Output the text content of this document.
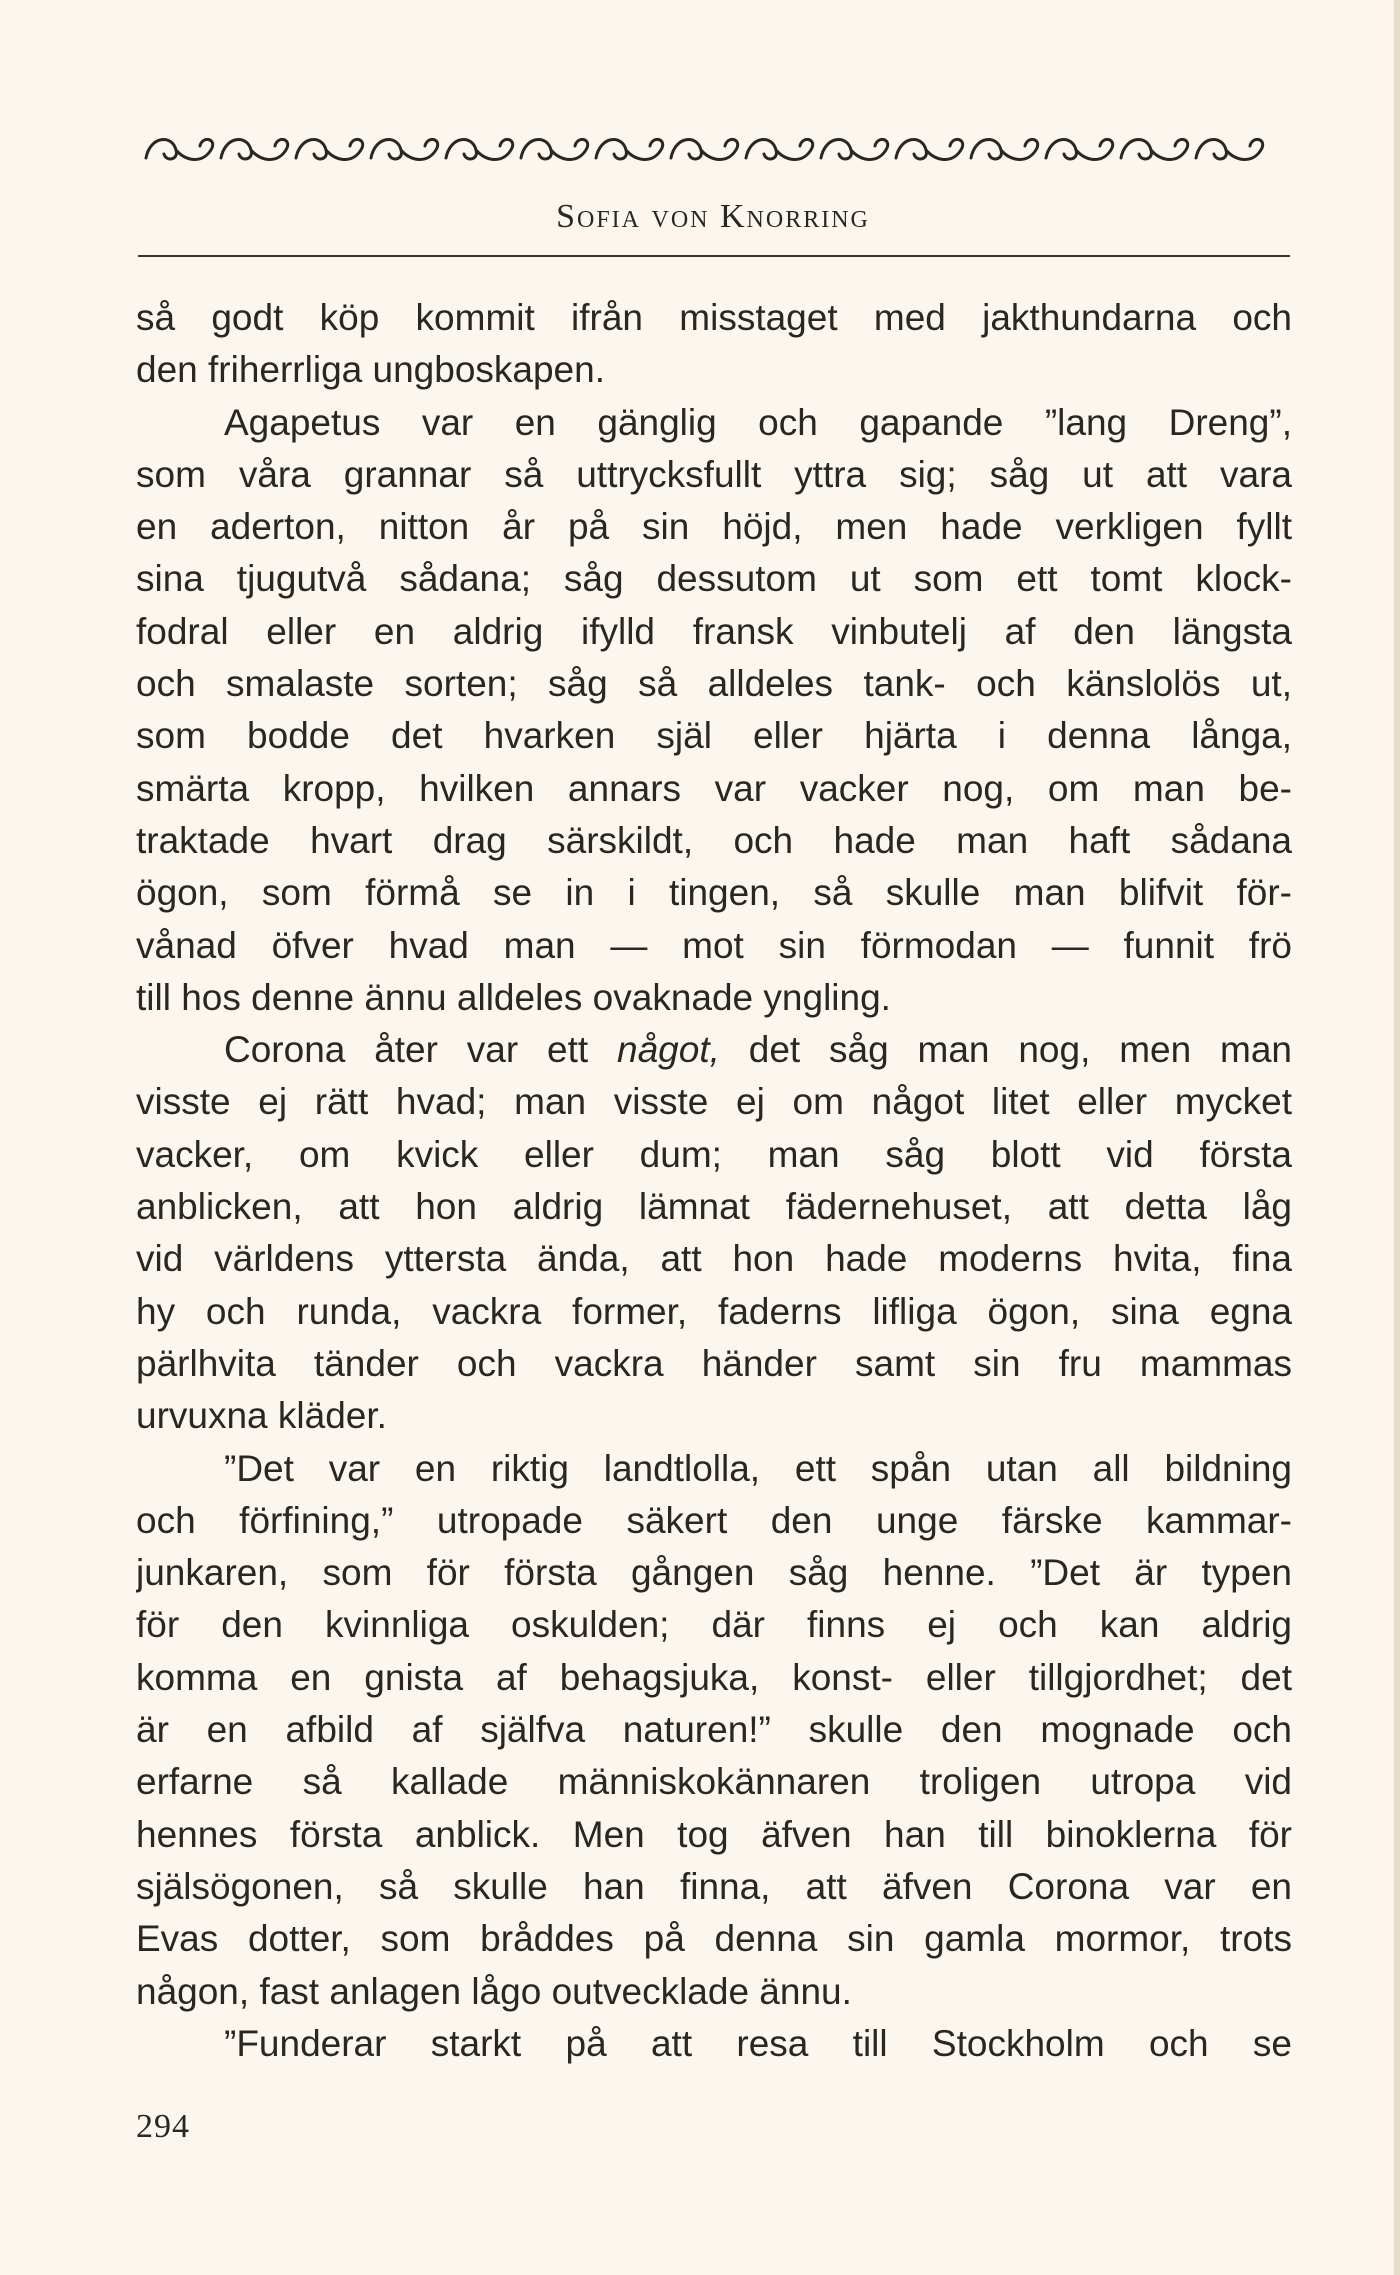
Sofia von Knorring
så godt köp kommit ifrån misstaget med jakthundarna och
den friherrliga ungboskapen.
Agapetus var en gänglig och gapande ”lang Dreng”,
som våra grannar så uttrycksfullt yttra sig; såg ut att vara
en aderton, nitton år på sin höjd, men hade verkligen fyllt
sina tjugutvå sådana; såg dessutom ut som ett tomt klock-
fodral eller en aldrig ifylld fransk vinbutelj af den längsta
och smalaste sorten; såg så alldeles tank- och känslolös ut,
som bodde det hvarken själ eller hjärta i denna långa,
smärta kropp, hvilken annars var vacker nog, om man be-
traktade hvart drag särskildt, och hade man haft sådana
ögon, som förmå se in i tingen, så skulle man blifvit för-
vånad öfver hvad man — mot sin förmodan — funnit frö
till hos denne ännu alldeles ovaknade yngling.
Corona åter var ett något, det såg man nog, men man
visste ej rätt hvad; man visste ej om något litet eller mycket
vacker, om kvick eller dum; man såg blott vid första
anblicken, att hon aldrig lämnat fädernehuset, att detta låg
vid världens yttersta ända, att hon hade moderns hvita, fina
hy och runda, vackra former, faderns lifliga ögon, sina egna
pärlhvita tänder och vackra händer samt sin fru mammas
urvuxna kläder.
”Det var en riktig landtlolla, ett spån utan all bildning
och förfining,” utropade säkert den unge färske kammar-
junkaren, som för första gången såg henne. ”Det är typen
för den kvinnliga oskulden; där finns ej och kan aldrig
komma en gnista af behagsjuka, konst- eller tillgjordhet; det
är en afbild af själfva naturen!” skulle den mognade och
erfarne så kallade människokännaren troligen utropa vid
hennes första anblick. Men tog äfven han till binoklerna för
själsögonen, så skulle han finna, att äfven Corona var en
Evas dotter, som bråddes på denna sin gamla mormor, trots
någon, fast anlagen lågo outvecklade ännu.
”Funderar starkt på att resa till Stockholm och se
294
